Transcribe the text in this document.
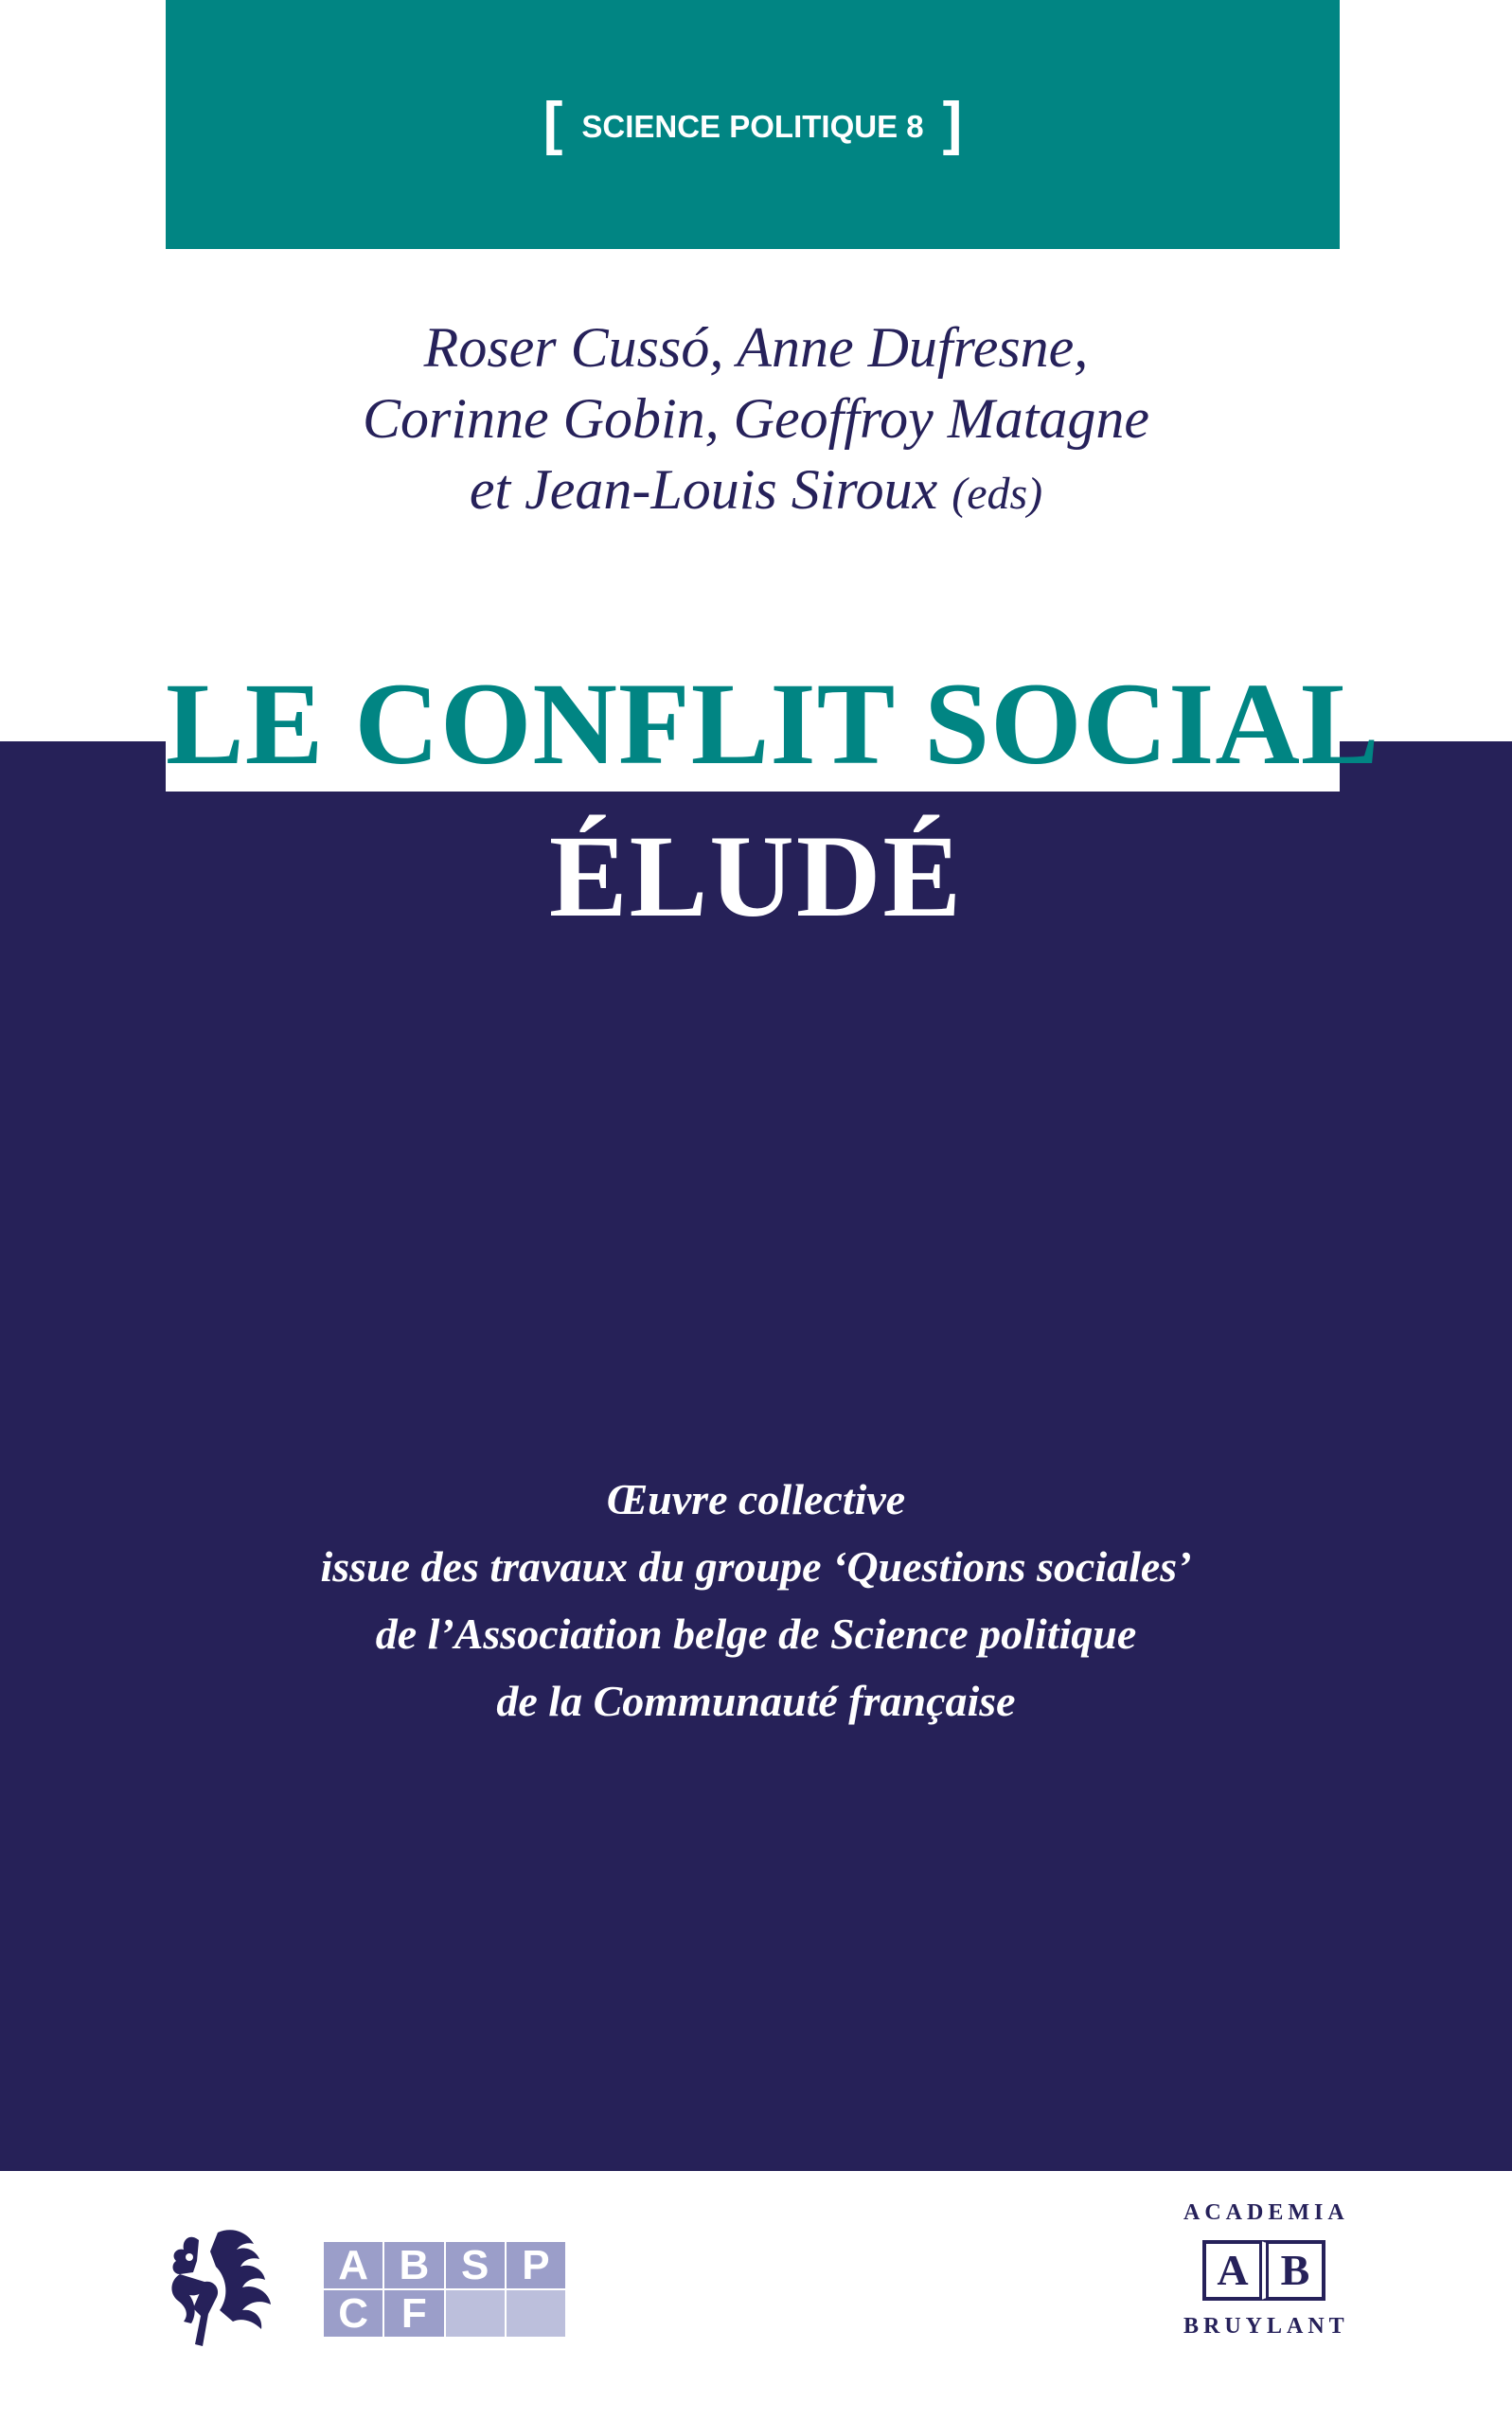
[ SCIENCE POLITIQUE 8 ]
Roser Cussó, Anne Dufresne,
Corinne Gobin, Geoffroy Matagne
et Jean-Louis Siroux (eds)
LE CONFLIT SOCIAL
ÉLUDÉ
Œuvre collective
issue des travaux du groupe ‘Questions sociales’
de l’Association belge de Science politique
de la Communauté française
A B S P
C F
ACADEMIA
A B
BRUYLANT
